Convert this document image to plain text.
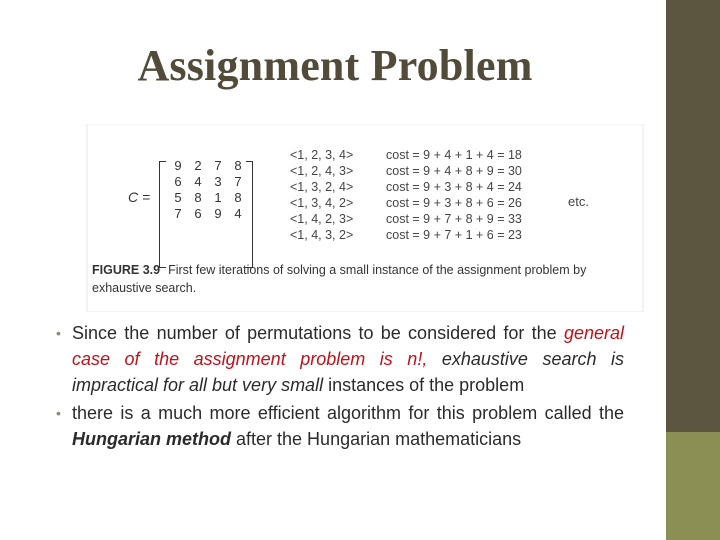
Assignment Problem
C =
9	2	7	8
6	4	3	7
5	8	1	8
7	6	9	4
<1, 2, 3, 4>	cost = 9 + 4 + 1 + 4 = 18
<1, 2, 4, 3>	cost = 9 + 4 + 8 + 9 = 30
<1, 3, 2, 4>	cost = 9 + 3 + 8 + 4 = 24
<1, 3, 4, 2>	cost = 9 + 3 + 8 + 6 = 26
<1, 4, 2, 3>	cost = 9 + 7 + 8 + 9 = 33
<1, 4, 3, 2>	cost = 9 + 7 + 1 + 6 = 23
etc.
FIGURE 3.9 First few iterations of solving a small instance of the assignment problem by exhaustive search.
• Since the number of permutations to be considered for the general case of the assignment problem is n!, exhaustive search is impractical for all but very small instances of the problem
• there is a much more efficient algorithm for this problem called the Hungarian method after the Hungarian mathematicians
